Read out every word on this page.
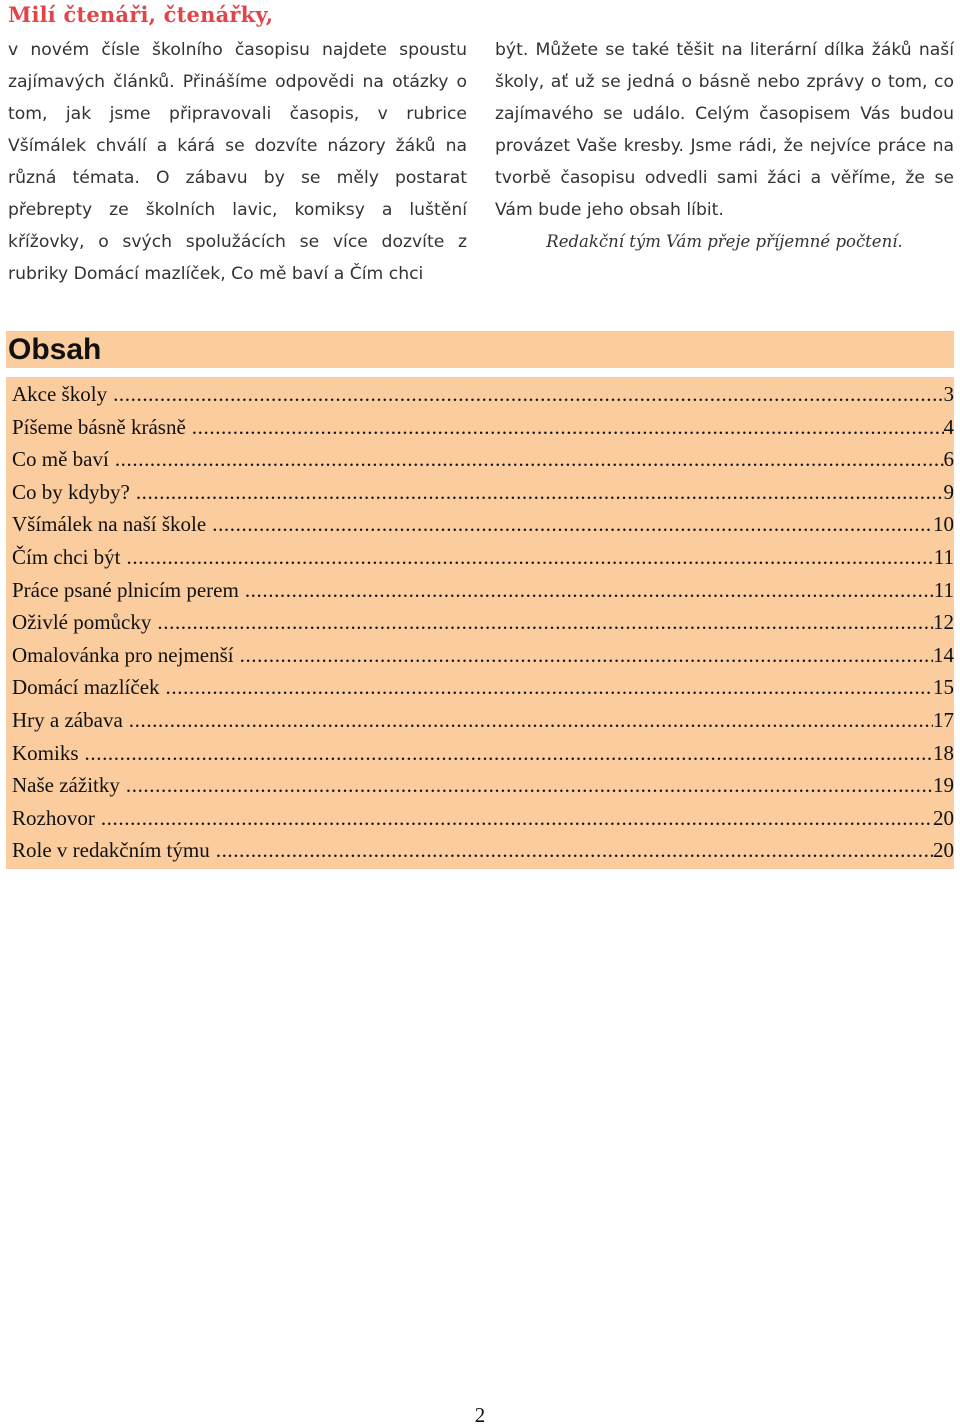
Milí čtenáři, čtenářky,

v novém čísle školního časopisu najdete spoustu zajímavých článků. Přinášíme odpovědi na otázky o tom, jak jsme připravovali časopis, v rubrice Všímálek chválí a kárá se dozvíte názory žáků na různá témata. O zábavu by se měly postarat přebrepty ze školních lavic, komiksy a luštění křížovky, o svých spolužácích se více dozvíte z rubriky Domácí mazlíček, Co mě baví a Čím chci

být. Můžete se také těšit na literární dílka žáků naší školy, ať už se jedná o básně nebo zprávy o tom, co zajímavého se událo. Celým časopisem Vás budou provázet Vaše kresby. Jsme rádi, že nejvíce práce na tvorbě časopisu odvedli sami žáci a věříme, že se Vám bude jeho obsah líbit.

Redakční tým Vám přeje příjemné počtení.

Obsah
Akce školy .....	3
Píšeme básně krásně .....	4
Co mě baví .....	6
Co by kdyby? .....	9
Všímálek na naší škole .....	10
Čím chci být .....	11
Práce psané plnicím perem .....	11
Oživlé pomůcky .....	12
Omalovánka pro nejmenší .....	14
Domácí mazlíček .....	15
Hry a zábava .....	17
Komiks .....	18
Naše zážitky .....	19
Rozhovor .....	20
Role v redakčním týmu .....	20
2
